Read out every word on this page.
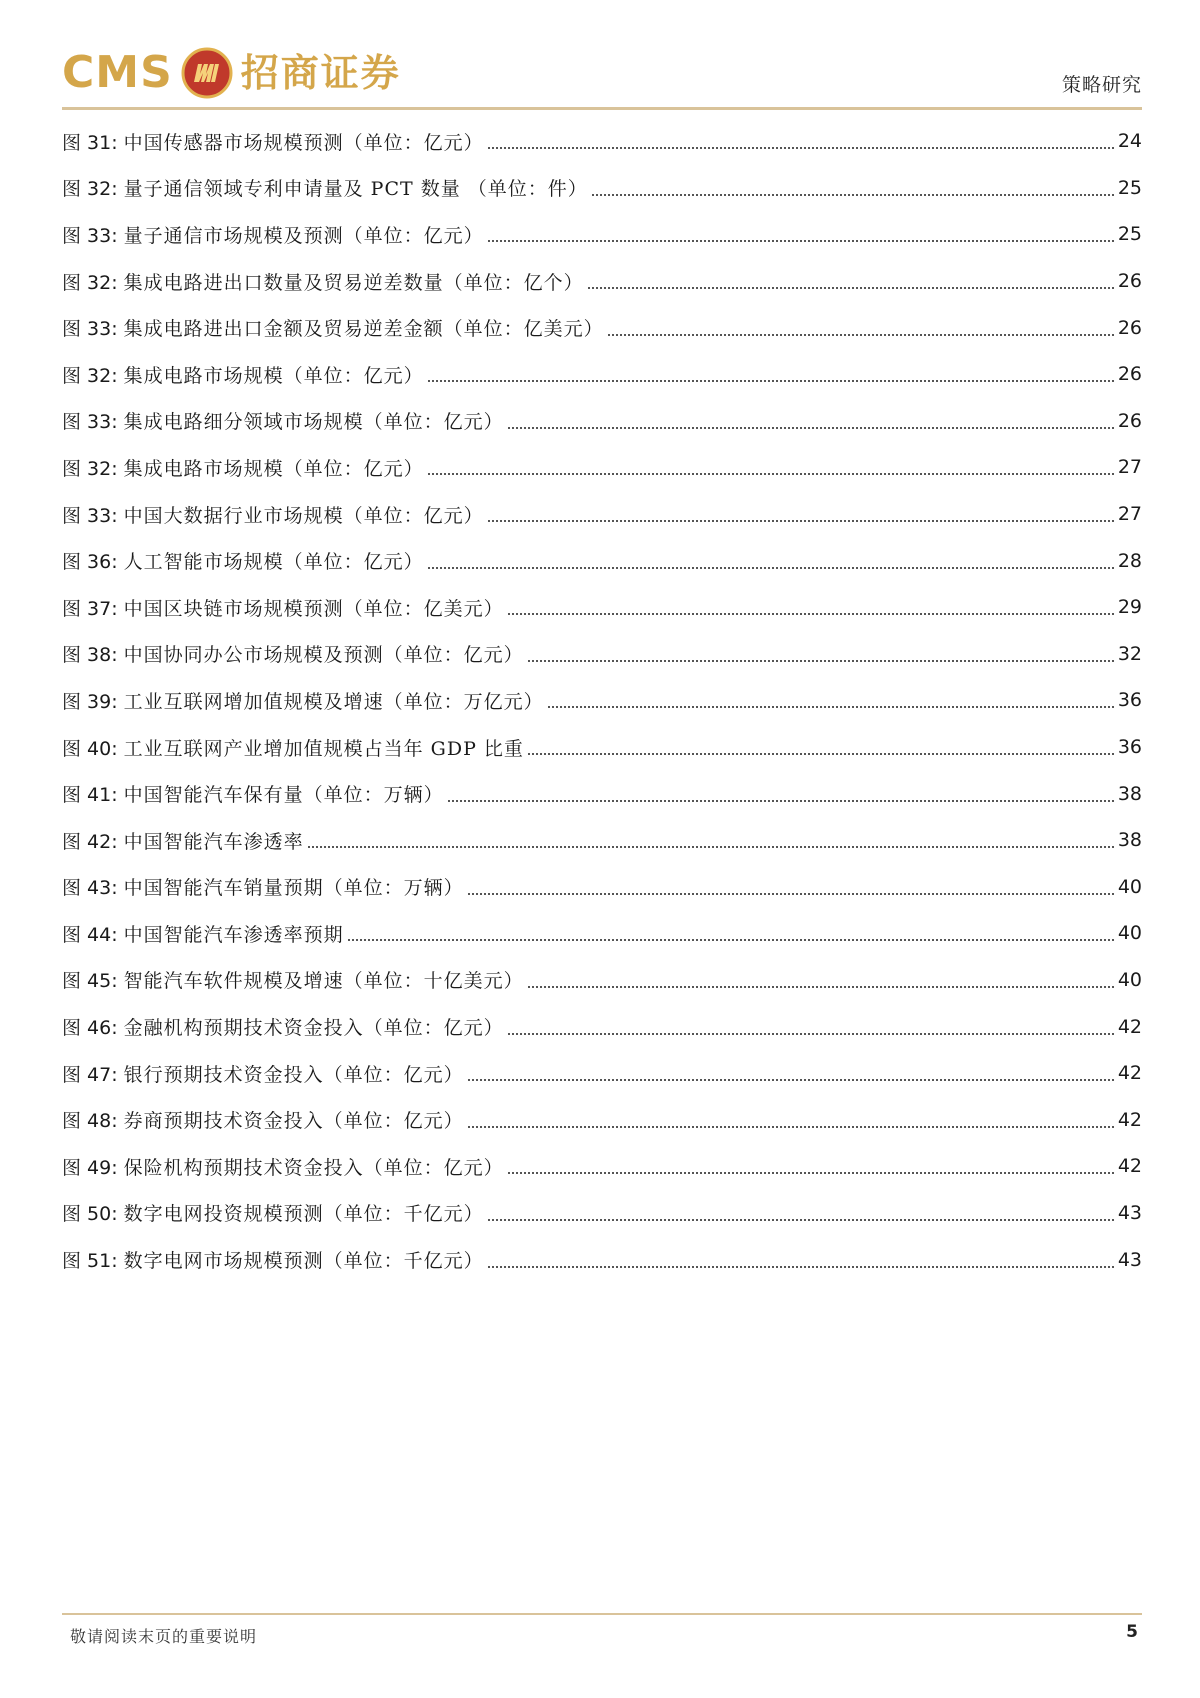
CMS 招商证券	策略研究
图 31: 中国传感器市场规模预测（单位：亿元）	24
图 32: 量子通信领域专利申请量及 PCT 数量 （单位：件）	25
图 33: 量子通信市场规模及预测（单位：亿元）	25
图 32: 集成电路进出口数量及贸易逆差数量（单位：亿个）	26
图 33: 集成电路进出口金额及贸易逆差金额（单位：亿美元）	26
图 32: 集成电路市场规模（单位：亿元）	26
图 33: 集成电路细分领域市场规模（单位：亿元）	26
图 32: 集成电路市场规模（单位：亿元）	27
图 33: 中国大数据行业市场规模（单位：亿元）	27
图 36: 人工智能市场规模（单位：亿元）	28
图 37: 中国区块链市场规模预测（单位：亿美元）	29
图 38: 中国协同办公市场规模及预测（单位：亿元）	32
图 39: 工业互联网增加值规模及增速（单位：万亿元）	36
图 40: 工业互联网产业增加值规模占当年 GDP 比重	36
图 41: 中国智能汽车保有量（单位：万辆）	38
图 42: 中国智能汽车渗透率	38
图 43: 中国智能汽车销量预期（单位：万辆）	40
图 44: 中国智能汽车渗透率预期	40
图 45: 智能汽车软件规模及增速（单位：十亿美元）	40
图 46: 金融机构预期技术资金投入（单位：亿元）	42
图 47: 银行预期技术资金投入（单位：亿元）	42
图 48: 券商预期技术资金投入（单位：亿元）	42
图 49: 保险机构预期技术资金投入（单位：亿元）	42
图 50: 数字电网投资规模预测（单位：千亿元）	43
图 51: 数字电网市场规模预测（单位：千亿元）	43
敬请阅读末页的重要说明	5
